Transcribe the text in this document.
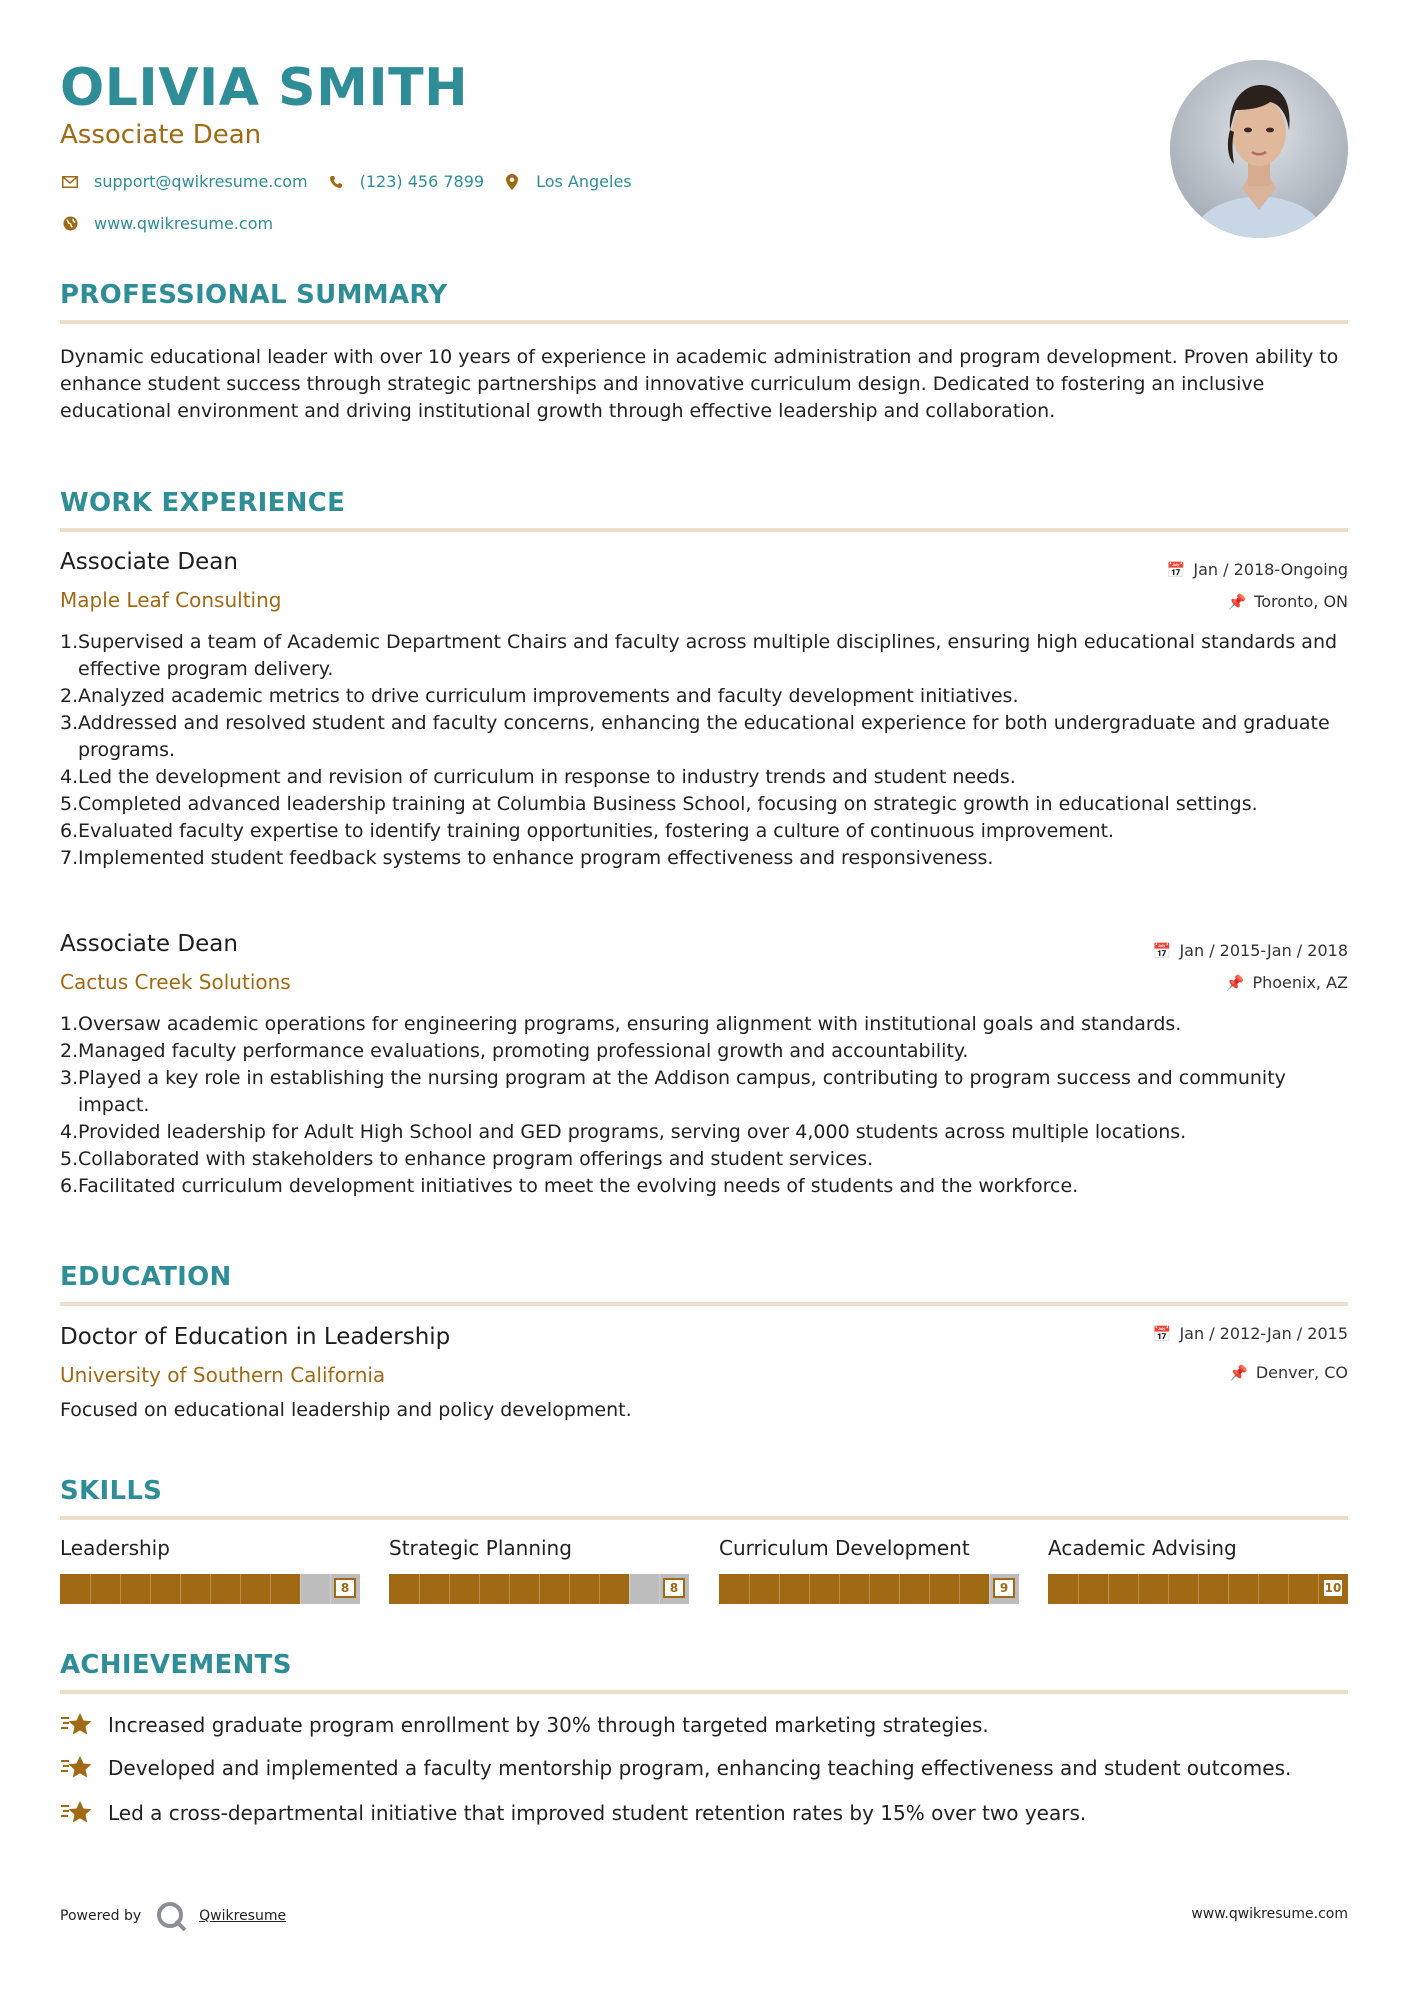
OLIVIA SMITH
Associate Dean
support@qwikresume.com	(123) 456 7899	Los Angeles
www.qwikresume.com
PROFESSIONAL SUMMARY
Dynamic educational leader with over 10 years of experience in academic administration and program development. Proven ability to enhance student success through strategic partnerships and innovative curriculum design. Dedicated to fostering an inclusive educational environment and driving institutional growth through effective leadership and collaboration.
WORK EXPERIENCE
Associate Dean
Maple Leaf Consulting
📅 Jan / 2018-Ongoing
📌 Toronto, ON
1. Supervised a team of Academic Department Chairs and faculty across multiple disciplines, ensuring high educational standards and effective program delivery.
2. Analyzed academic metrics to drive curriculum improvements and faculty development initiatives.
3. Addressed and resolved student and faculty concerns, enhancing the educational experience for both undergraduate and graduate programs.
4. Led the development and revision of curriculum in response to industry trends and student needs.
5. Completed advanced leadership training at Columbia Business School, focusing on strategic growth in educational settings.
6. Evaluated faculty expertise to identify training opportunities, fostering a culture of continuous improvement.
7. Implemented student feedback systems to enhance program effectiveness and responsiveness.
Associate Dean
Cactus Creek Solutions
📅 Jan / 2015-Jan / 2018
📌 Phoenix, AZ
1. Oversaw academic operations for engineering programs, ensuring alignment with institutional goals and standards.
2. Managed faculty performance evaluations, promoting professional growth and accountability.
3. Played a key role in establishing the nursing program at the Addison campus, contributing to program success and community impact.
4. Provided leadership for Adult High School and GED programs, serving over 4,000 students across multiple locations.
5. Collaborated with stakeholders to enhance program offerings and student services.
6. Facilitated curriculum development initiatives to meet the evolving needs of students and the workforce.
EDUCATION
Doctor of Education in Leadership
University of Southern California
📅 Jan / 2012-Jan / 2015
📌 Denver, CO
Focused on educational leadership and policy development.
SKILLS
Leadership
8
Strategic Planning
8
Curriculum Development
9
Academic Advising
10
ACHIEVEMENTS
Increased graduate program enrollment by 30% through targeted marketing strategies.
Developed and implemented a faculty mentorship program, enhancing teaching effectiveness and student outcomes.
Led a cross-departmental initiative that improved student retention rates by 15% over two years.
Powered by	Qwikresume	www.qwikresume.com
